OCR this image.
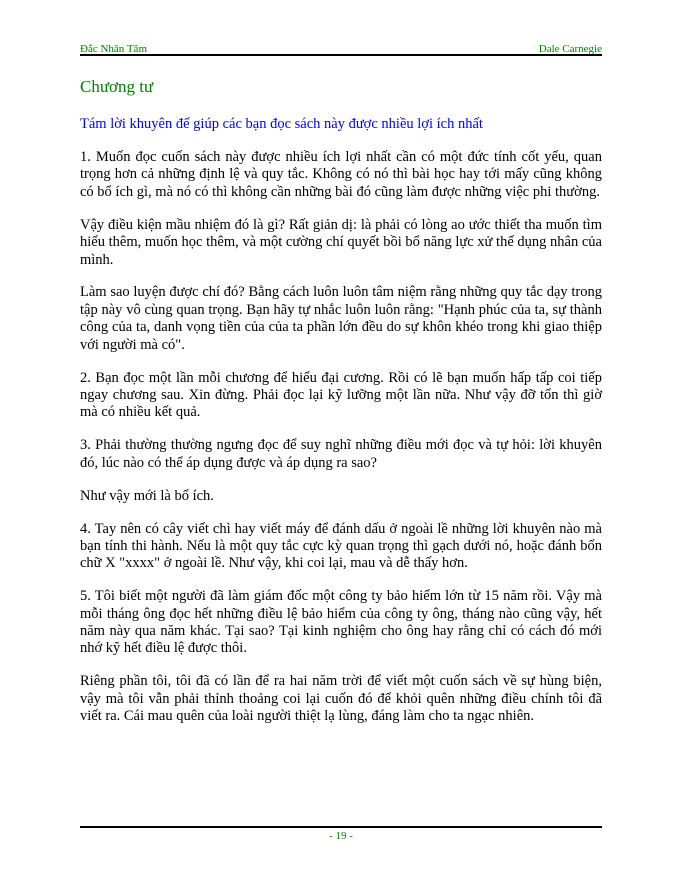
Đắc Nhân Tâm	Dale Carnegie
Chương tư
Tám lời khuyên để giúp các bạn đọc sách này được nhiều lợi ích nhất

1. Muốn đọc cuốn sách này được nhiều ích lợi nhất cần có một đức tính cốt yếu, quan trọng hơn cả những định lệ và quy tắc. Không có nó thì bài học hay tới mấy cũng không có bổ ích gì, mà nó có thì không cần những bài đó cũng làm được những việc phi thường.

Vậy điều kiện mầu nhiệm đó là gì? Rất giản dị: là phải có lòng ao ước thiết tha muốn tìm hiểu thêm, muốn học thêm, và một cường chí quyết bồi bổ năng lực xử thế dụng nhân của mình.

Làm sao luyện được chí đó? Bằng cách luôn luôn tâm niệm rằng những quy tắc dạy trong tập này vô cùng quan trọng. Bạn hãy tự nhắc luôn luôn rằng: "Hạnh phúc của ta, sự thành công của ta, danh vọng tiền của của ta phần lớn đều do sự khôn khéo trong khi giao thiệp với người mà có".

2. Bạn đọc một lần mỗi chương để hiểu đại cương. Rồi có lẽ bạn muốn hấp tấp coi tiếp ngay chương sau. Xin đừng. Phải đọc lại kỹ lưỡng một lần nữa. Như vậy đỡ tốn thì giờ mà có nhiều kết quả.

3. Phải thường thường ngưng đọc để suy nghĩ những điều mới đọc và tự hỏi: lời khuyên đó, lúc nào có thể áp dụng được và áp dụng ra sao?

Như vậy mới là bổ ích.

4. Tay nên có cây viết chì hay viết máy để đánh dấu ở ngoài lề những lời khuyên nào mà bạn tính thi hành. Nếu là một quy tắc cực kỳ quan trọng thì gạch dưới nó, hoặc đánh bốn chữ X "xxxx" ở ngoài lề. Như vậy, khi coi lại, mau và dễ thấy hơn.

5. Tôi biết một người đã làm giám đốc một công ty bảo hiểm lớn từ 15 năm rồi. Vậy mà mỗi tháng ông đọc hết những điều lệ bảo hiểm của công ty ông, tháng nào cũng vậy, hết năm này qua năm khác. Tại sao? Tại kinh nghiệm cho ông hay rằng chỉ có cách đó mới nhớ kỹ hết điều lệ được thôi.

Riêng phần tôi, tôi đã có lần để ra hai năm trời để viết một cuốn sách về sự hùng biện, vậy mà tôi vẫn phải thỉnh thoảng coi lại cuốn đó để khỏi quên những điều chính tôi đã viết ra. Cái mau quên của loài người thiệt lạ lùng, đáng làm cho ta ngạc nhiên.

- 19 -
